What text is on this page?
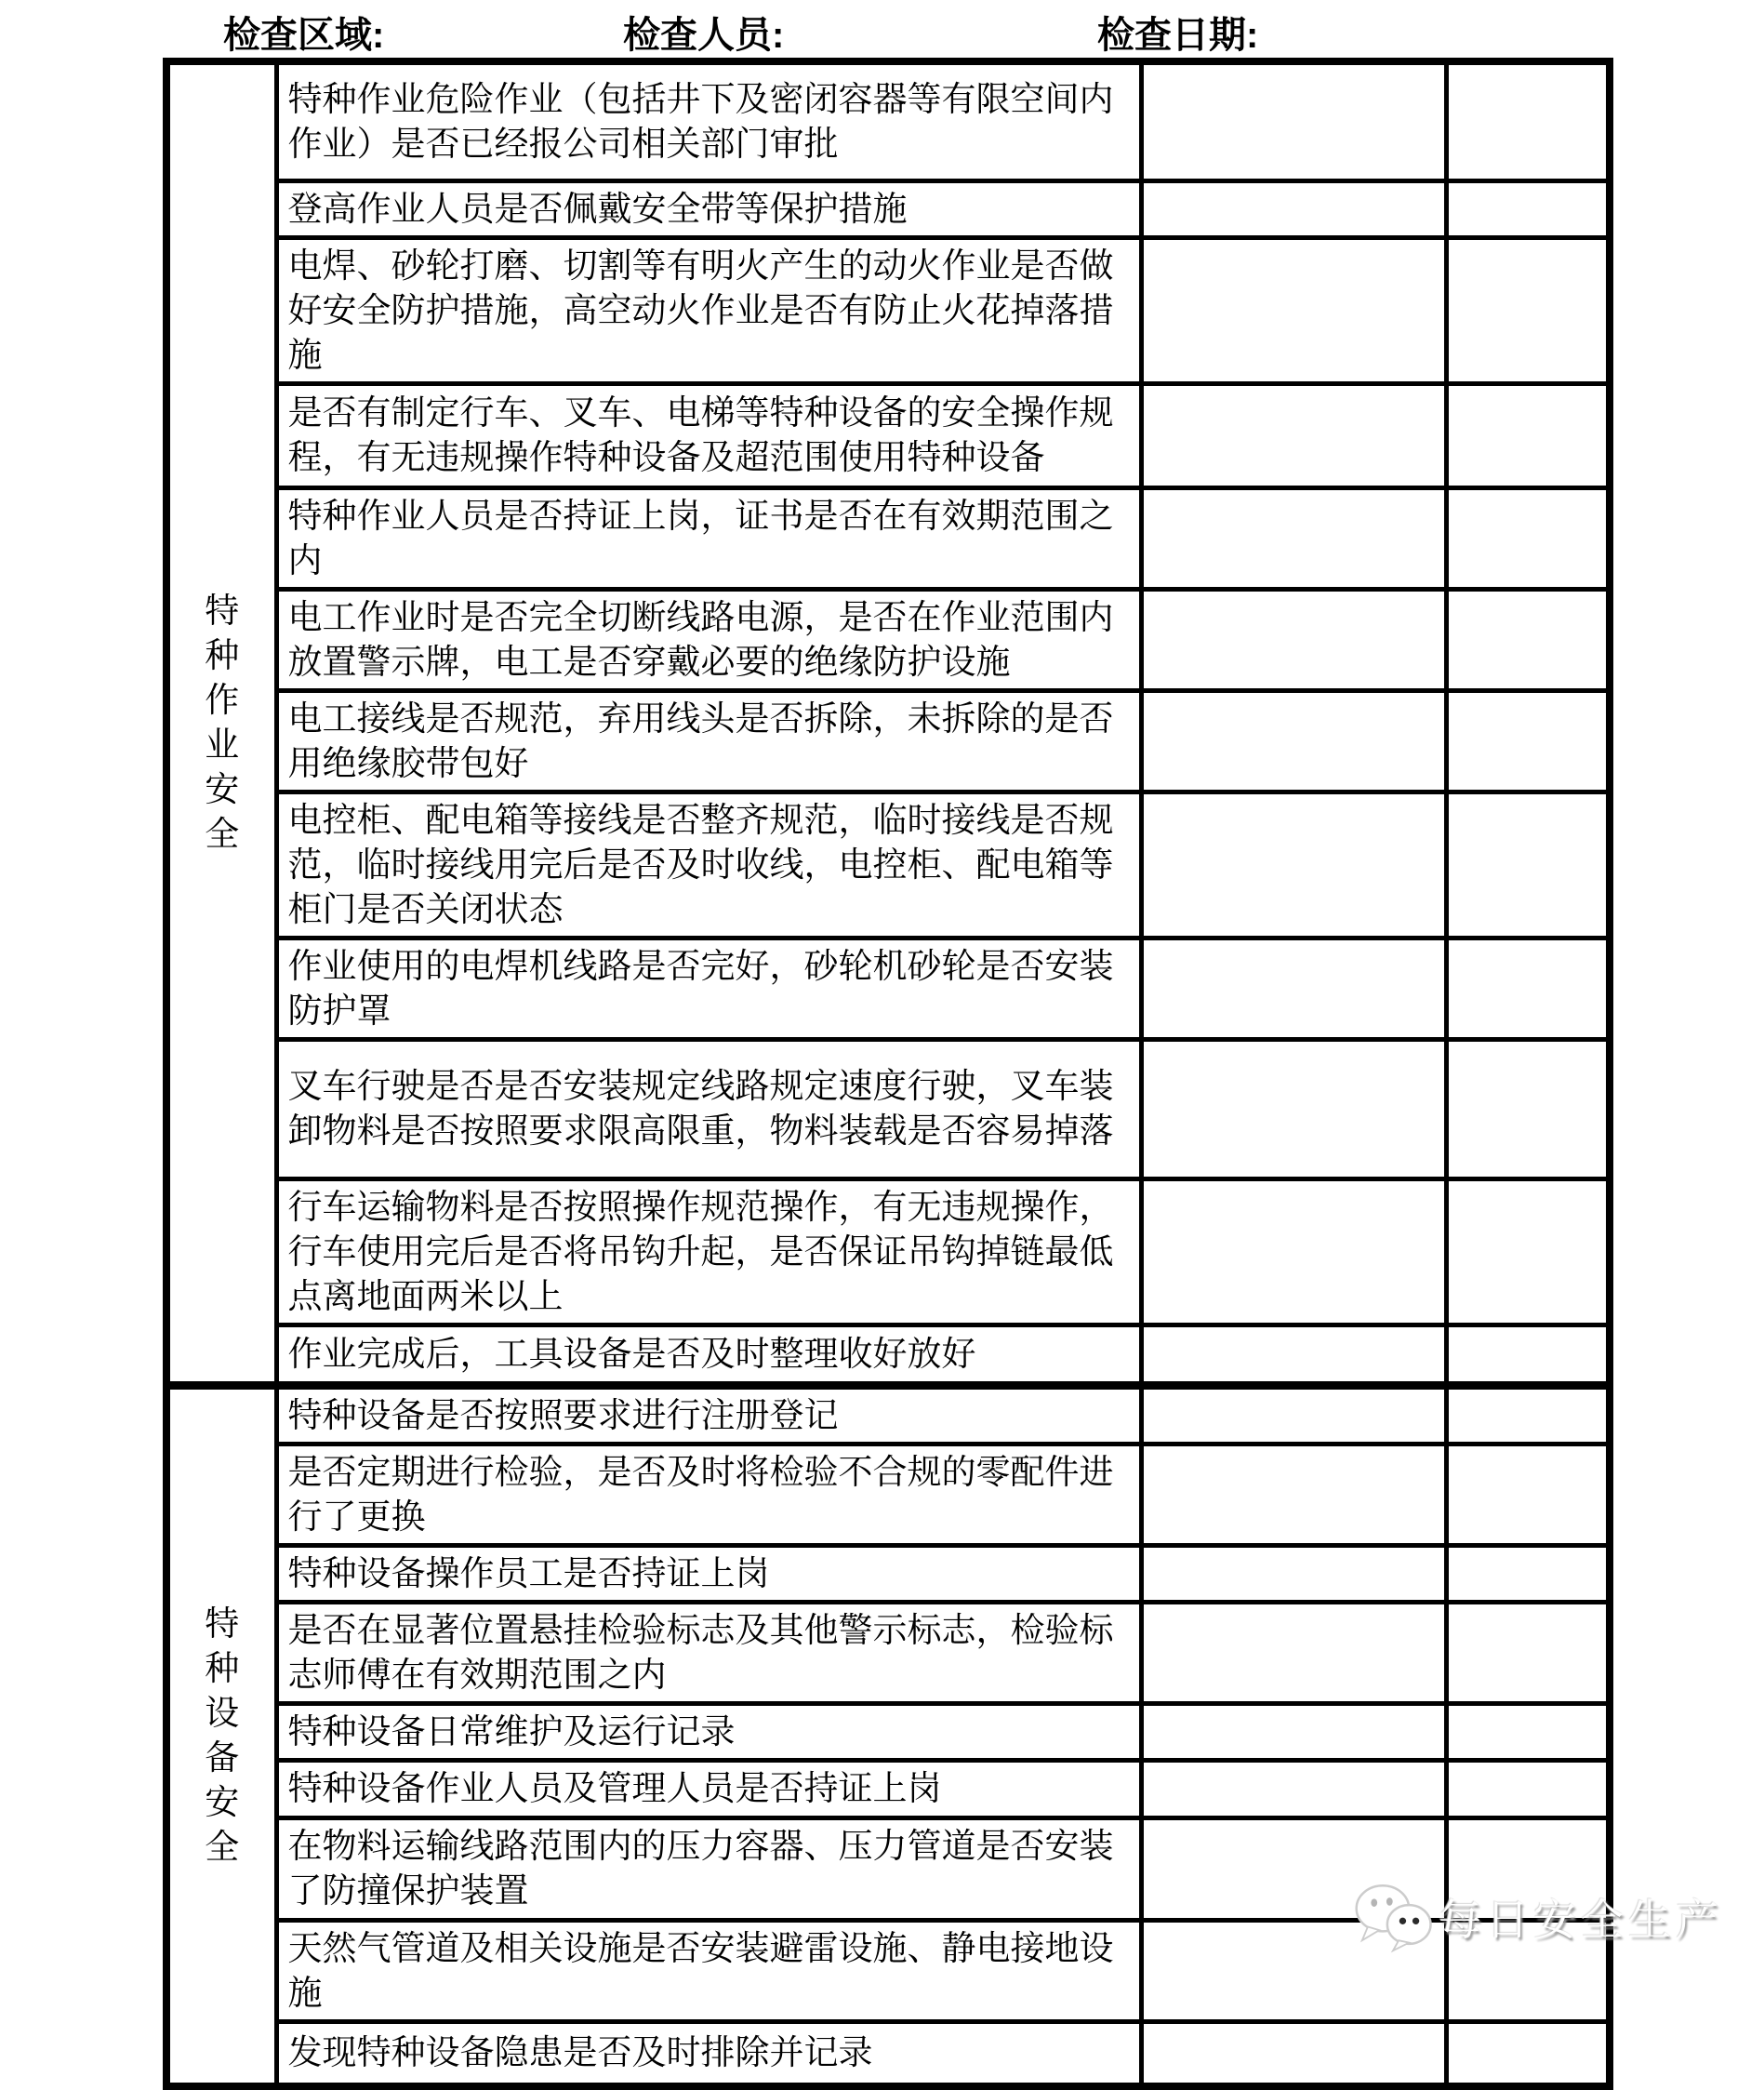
检查区域:	检查人员:	检查日期:
特种作业安全	特种作业危险作业（包括井下及密闭容器等有限空间内作业）是否已经报公司相关部门审批		
	登高作业人员是否佩戴安全带等保护措施		
	电焊、砂轮打磨、切割等有明火产生的动火作业是否做好安全防护措施，高空动火作业是否有防止火花掉落措施		
	是否有制定行车、叉车、电梯等特种设备的安全操作规程，有无违规操作特种设备及超范围使用特种设备		
	特种作业人员是否持证上岗，证书是否在有效期范围之内		
	电工作业时是否完全切断线路电源，是否在作业范围内放置警示牌，电工是否穿戴必要的绝缘防护设施		
	电工接线是否规范，弃用线头是否拆除，未拆除的是否用绝缘胶带包好		
	电控柜、配电箱等接线是否整齐规范，临时接线是否规范，临时接线用完后是否及时收线，电控柜、配电箱等柜门是否关闭状态		
	作业使用的电焊机线路是否完好，砂轮机砂轮是否安装防护罩		
	叉车行驶是否是否安装规定线路规定速度行驶，叉车装卸物料是否按照要求限高限重，物料装载是否容易掉落		
	行车运输物料是否按照操作规范操作，有无违规操作，行车使用完后是否将吊钩升起，是否保证吊钩掉链最低点离地面两米以上		
	作业完成后，工具设备是否及时整理收好放好		
特种设备安全	特种设备是否按照要求进行注册登记		
	是否定期进行检验，是否及时将检验不合规的零配件进行了更换		
	特种设备操作员工是否持证上岗		
	是否在显著位置悬挂检验标志及其他警示标志，检验标志师傅在有效期范围之内		
	特种设备日常维护及运行记录		
	特种设备作业人员及管理人员是否持证上岗		
	在物料运输线路范围内的压力容器、压力管道是否安装了防撞保护装置		
	天然气管道及相关设施是否安装避雷设施、静电接地设施		
	发现特种设备隐患是否及时排除并记录		
每日安全生产
